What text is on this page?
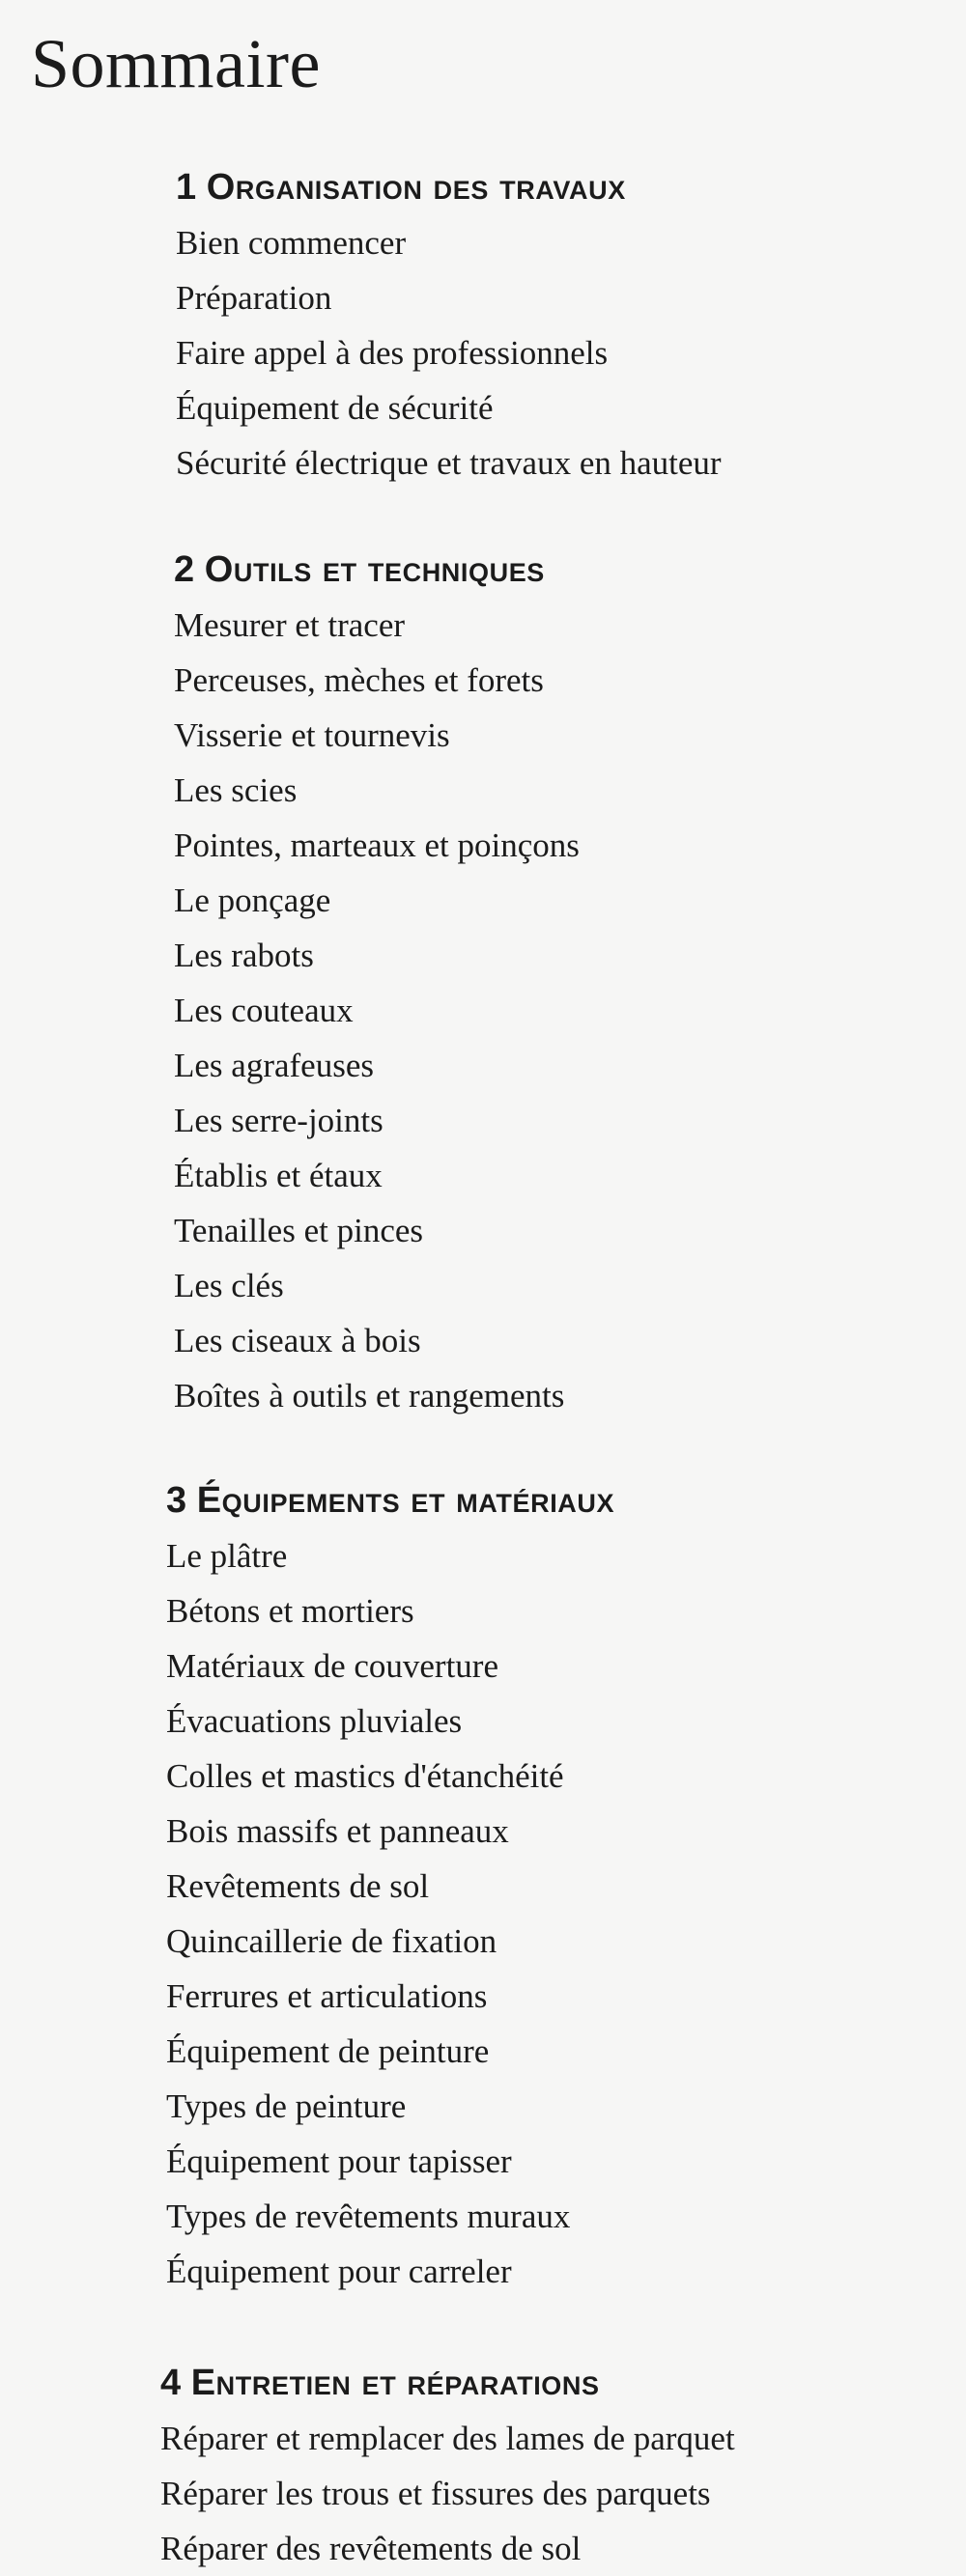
Sommaire
1 Organisation des travaux
Bien commencer
Préparation
Faire appel à des professionnels
Équipement de sécurité
Sécurité électrique et travaux en hauteur
2 Outils et techniques
Mesurer et tracer
Perceuses, mèches et forets
Visserie et tournevis
Les scies
Pointes, marteaux et poinçons
Le ponçage
Les rabots
Les couteaux
Les agrafeuses
Les serre-joints
Établis et étaux
Tenailles et pinces
Les clés
Les ciseaux à bois
Boîtes à outils et rangements
3 Équipements et matériaux
Le plâtre
Bétons et mortiers
Matériaux de couverture
Évacuations pluviales
Colles et mastics d'étanchéité
Bois massifs et panneaux
Revêtements de sol
Quincaillerie de fixation
Ferrures et articulations
Équipement de peinture
Types de peinture
Équipement pour tapisser
Types de revêtements muraux
Équipement pour carreler
4 Entretien et réparations
Réparer et remplacer des lames de parquet
Réparer les trous et fissures des parquets
Réparer des revêtements de sol
